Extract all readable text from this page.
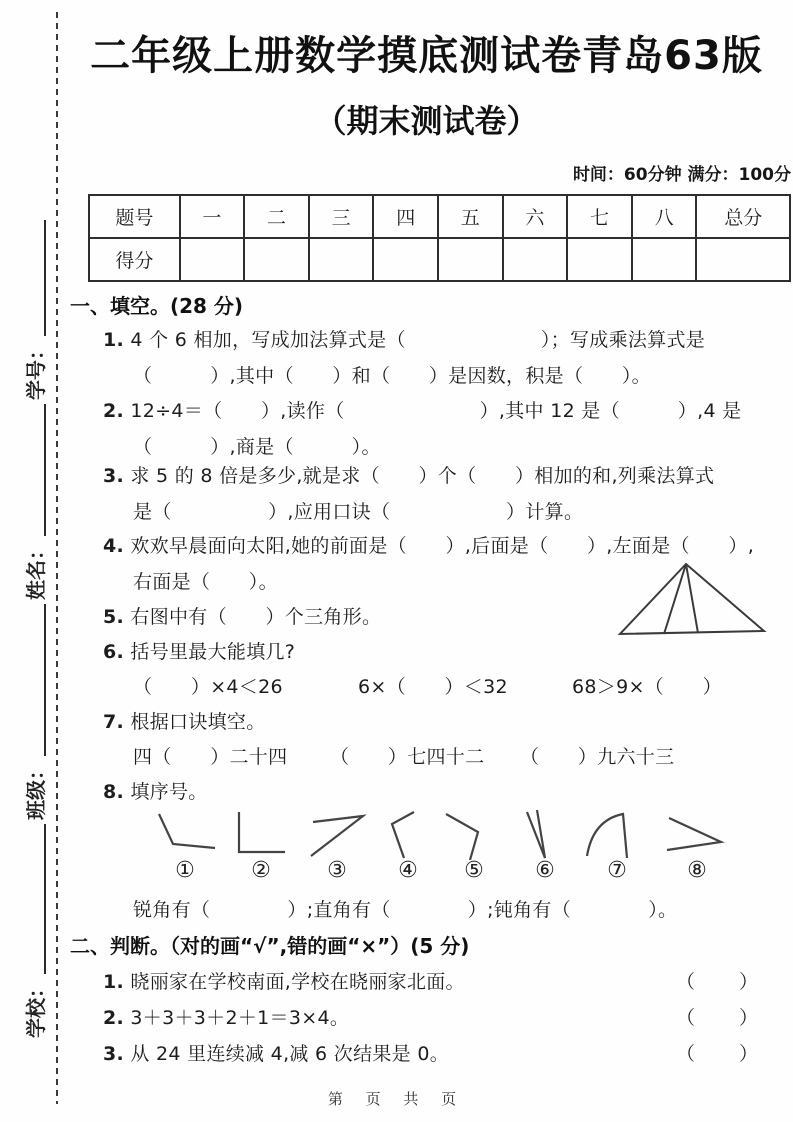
学校：
班级：
姓名：
学号：
二年级上册数学摸底测试卷青岛63版
（期末测试卷）
时间：60分钟 满分：100分
题号	一	二	三	四	五	六	七	八	总分
得分									
一、填空。(28 分)
1. 4 个 6 相加，写成加法算式是（　　　　　　　）；写成乘法算式是
（　　　）,其中（　　）和（　　）是因数，积是（　　）。
2. 12÷4＝（　　）,读作（　　　　　　　）,其中 12 是（　　　）,4 是
（　　　）,商是（　　　）。
3. 求 5 的 8 倍是多少,就是求（　　）个（　　）相加的和,列乘法算式
是（　　　　　）,应用口诀（　　　　　　）计算。
4. 欢欢早晨面向太阳,她的前面是（　　）,后面是（　　）,左面是（　　）,
右面是（　　）。
5. 右图中有（　　）个三角形。
6. 括号里最大能填几?
（　　）×4＜26	6×（　　）＜32	68＞9×（　　）
7. 根据口诀填空。
四（　　）二十四 （　　）七四十二 （　　）九六十三
8. 填序号。
①	②	③	④	⑤	⑥	⑦	⑧
锐角有（　　　　）;直角有（　　　　）;钝角有（　　　　）。
二、判断。（对的画“√”,错的画“×”）(5 分)
1. 晓丽家在学校南面,学校在晓丽家北面。	（　　）
2. 3＋3＋3＋2＋1＝3×4。	（　　）
3. 从 24 里连续减 4,减 6 次结果是 0。	（　　）
第 页 共 页
